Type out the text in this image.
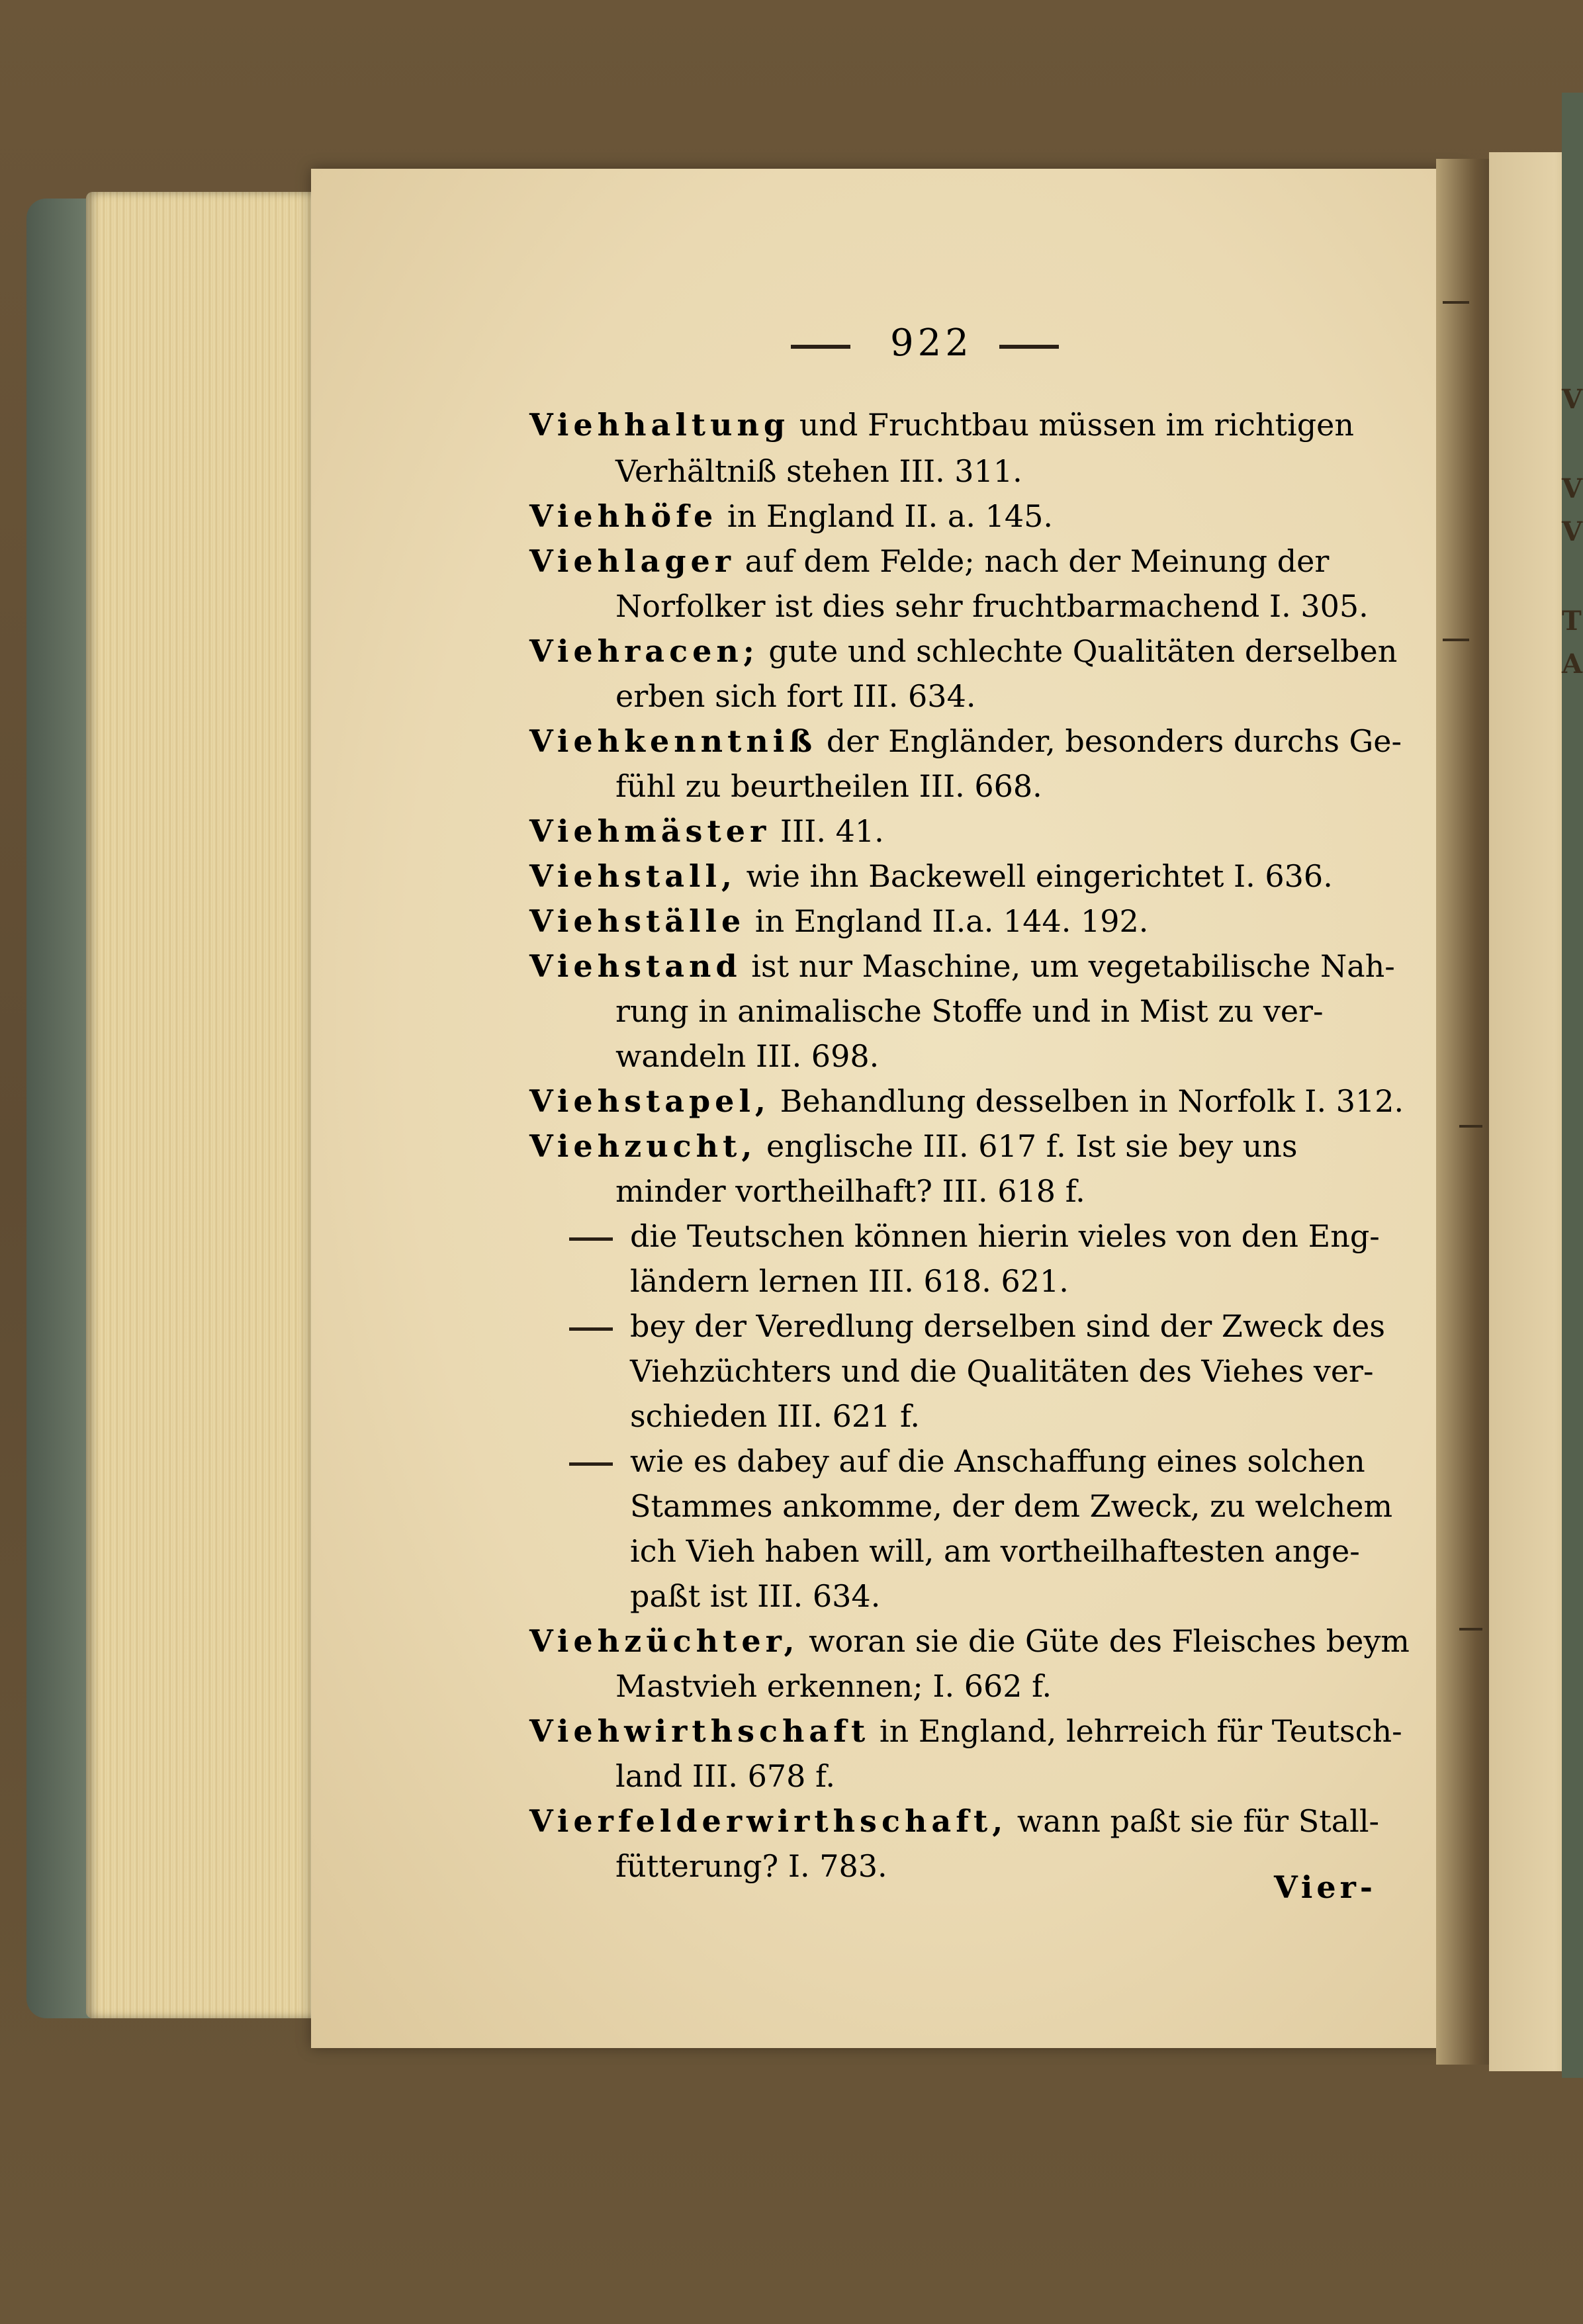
922
Viehhaltung und Fruchtbau müssen im richtigen
Verhältniß stehen III. 311.
Viehhöfe in England II. a. 145.
Viehlager auf dem Felde; nach der Meinung der
Norfolker ist dies sehr fruchtbarmachend I. 305.
Viehracen; gute und schlechte Qualitäten derselben
erben sich fort III. 634.
Viehkenntniß der Engländer, besonders durchs Ge-
fühl zu beurtheilen III. 668.
Viehmäster III. 41.
Viehstall, wie ihn Backewell eingerichtet I. 636.
Viehställe in England II.a. 144. 192.
Viehstand ist nur Maschine, um vegetabilische Nah-
rung in animalische Stoffe und in Mist zu ver-
wandeln III. 698.
Viehstapel, Behandlung desselben in Norfolk I. 312.
Viehzucht, englische III. 617 f. Ist sie bey uns
minder vortheilhaft? III. 618 f.
die Teutschen können hierin vieles von den Eng-
ländern lernen III. 618. 621.
bey der Veredlung derselben sind der Zweck des
Viehzüchters und die Qualitäten des Viehes ver-
schieden III. 621 f.
wie es dabey auf die Anschaffung eines solchen
Stammes ankomme, der dem Zweck, zu welchem
ich Vieh haben will, am vortheilhaftesten ange-
paßt ist III. 634.
Viehzüchter, woran sie die Güte des Fleisches beym
Mastvieh erkennen; I. 662 f.
Viehwirthschaft in England, lehrreich für Teutsch-
land III. 678 f.
Vierfelderwirthschaft, wann paßt sie für Stall-
fütterung? I. 783.
Vier-
V
V
V
T
A
